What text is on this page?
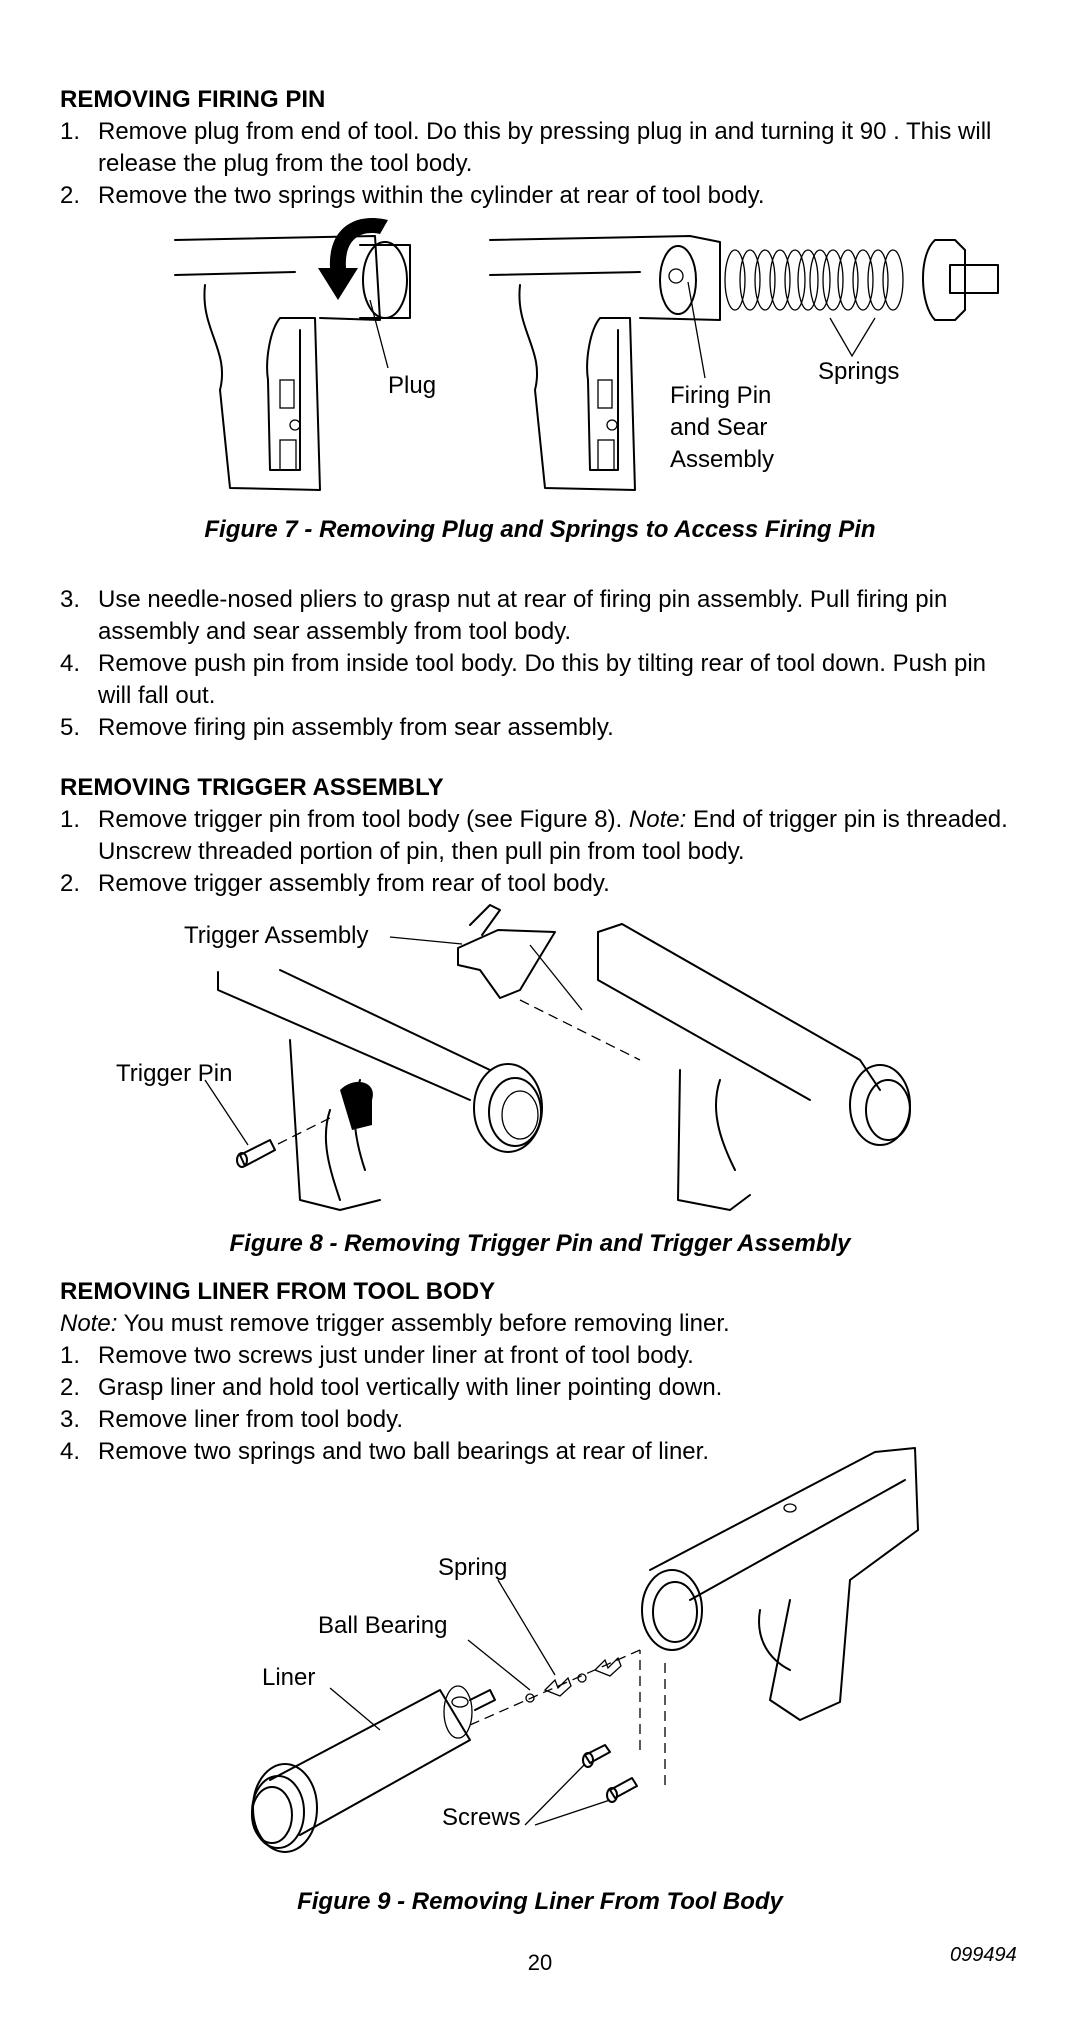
REMOVING FIRING PIN
1. Remove plug from end of tool. Do this by pressing plug in and turning it 90 . This will release the plug from the tool body.
2. Remove the two springs within the cylinder at rear of tool body.
Plug
Springs
Firing Pin
and Sear
Assembly
Figure 7 - Removing Plug and Springs to Access Firing Pin
3. Use needle-nosed pliers to grasp nut at rear of firing pin assembly. Pull firing pin assembly and sear assembly from tool body.
4. Remove push pin from inside tool body. Do this by tilting rear of tool down. Push pin will fall out.
5. Remove firing pin assembly from sear assembly.
REMOVING TRIGGER ASSEMBLY
1. Remove trigger pin from tool body (see Figure 8). Note: End of trigger pin is threaded. Unscrew threaded portion of pin, then pull pin from tool body.
2. Remove trigger assembly from rear of tool body.
Trigger Assembly
Trigger Pin
Figure 8 - Removing Trigger Pin and Trigger Assembly
REMOVING LINER FROM TOOL BODY
Note: You must remove trigger assembly before removing liner.
1. Remove two screws just under liner at front of tool body.
2. Grasp liner and hold tool vertically with liner pointing down.
3. Remove liner from tool body.
4. Remove two springs and two ball bearings at rear of liner.
Spring
Ball Bearing
Liner
Screws
Figure 9 - Removing Liner From Tool Body
20	099494
